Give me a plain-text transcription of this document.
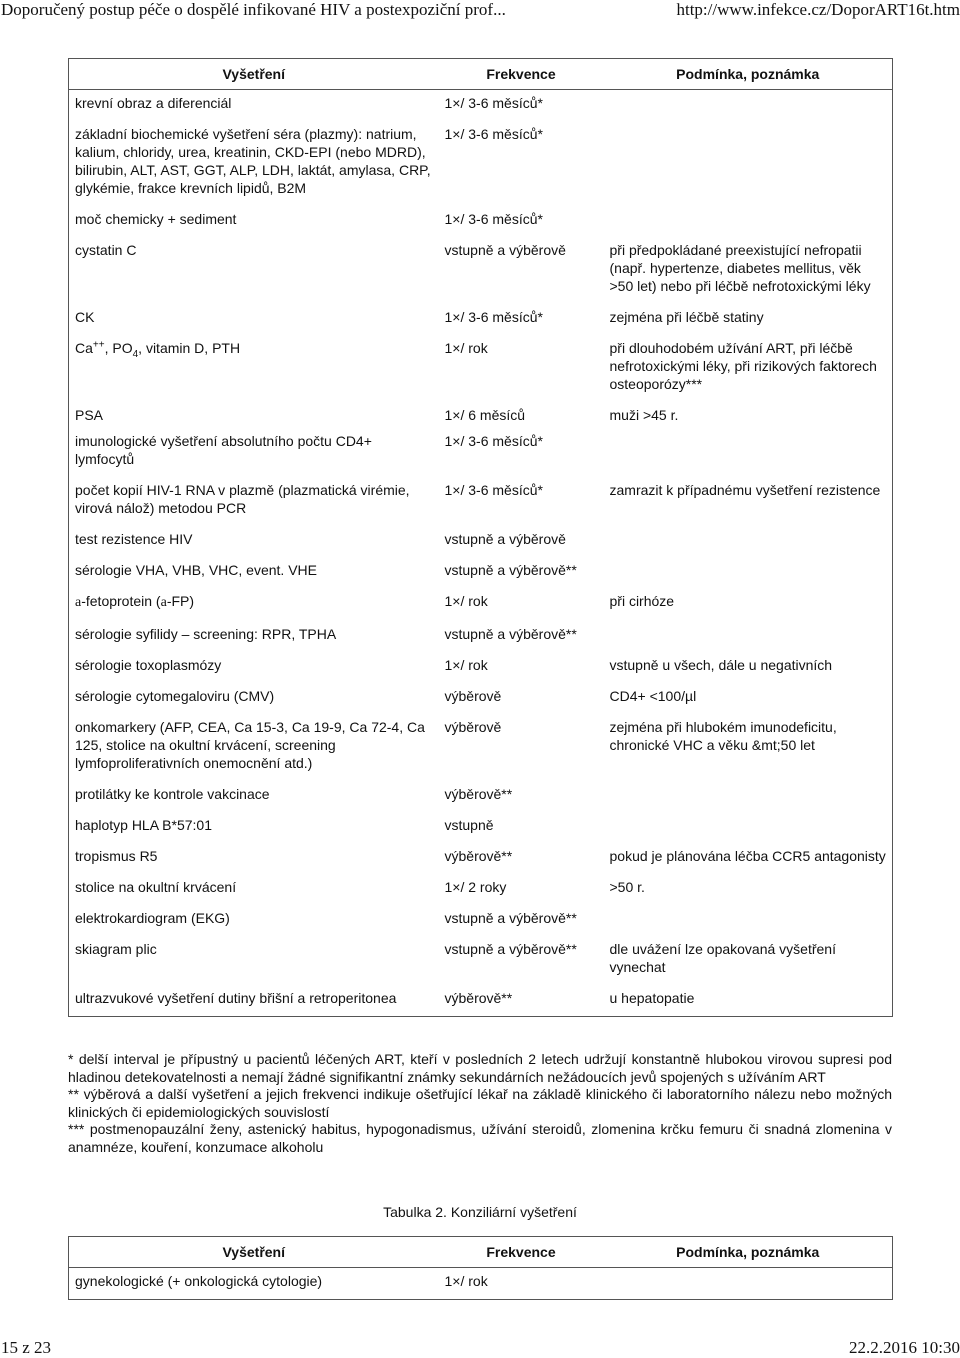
Doporučený postup péče o dospělé infikované HIV a postexpoziční prof...	http://www.infekce.cz/DoporART16t.htm
Vyšetření	Frekvence	Podmínka, poznámka
krevní obraz a diferenciál	1×/ 3-6 měsíců*	
základní biochemické vyšetření séra (plazmy): natrium, kalium, chloridy, urea, kreatinin, CKD-EPI (nebo MDRD), bilirubin, ALT, AST, GGT, ALP, LDH, laktát, amylasa, CRP, glykémie, frakce krevních lipidů, B2M	1×/ 3-6 měsíců*	
moč chemicky + sediment	1×/ 3-6 měsíců*	
cystatin C	vstupně a výběrově	při předpokládané preexistující nefropatii (např. hypertenze, diabetes mellitus, věk >50 let) nebo při léčbě nefrotoxickými léky
CK	1×/ 3-6 měsíců*	zejména při léčbě statiny
Ca++, $PO_4$, vitamin D, PTH	1×/ rok	při dlouhodobém užívání ART, při léčbě nefrotoxickými léky, při rizikových faktorech osteoporózy***
PSA	1×/ 6 měsíců	muži >45 r.
imunologické vyšetření absolutního počtu CD4+ lymfocytů	1×/ 3-6 měsíců*	
počet kopií HIV-1 RNA v plazmě (plazmatická virémie, virová nálož) metodou PCR	1×/ 3-6 měsíců*	zamrazit k případnému vyšetření rezistence
test rezistence HIV	vstupně a výběrově	
sérologie VHA, VHB, VHC, event. VHE	vstupně a výběrově**	
a-fetoprotein (a-FP)	1×/ rok	při cirhóze
sérologie syfilidy – screening: RPR, TPHA	vstupně a výběrově**	
sérologie toxoplasmózy	1×/ rok	vstupně u všech, dále u negativních
sérologie cytomegaloviru (CMV)	výběrově	CD4+ <100/µl
onkomarkery (AFP, CEA, Ca 15-3, Ca 19-9, Ca 72-4, Ca 125, stolice na okultní krvácení, screening lymfoproliferativních onemocnění atd.)	výběrově	zejména při hlubokém imunodeficitu, chronické VHC a věku &mt;50 let
protilátky ke kontrole vakcinace	výběrově**	
haplotyp HLA B*57:01	vstupně	
tropismus R5	výběrově**	pokud je plánována léčba CCR5 antagonisty
stolice na okultní krvácení	1×/ 2 roky	>50 r.
elektrokardiogram (EKG)	vstupně a výběrově**	
skiagram plic	vstupně a výběrově**	dle uvážení lze opakovaná vyšetření vynechat
ultrazvukové vyšetření dutiny břišní a retroperitonea	výběrově**	u hepatopatie
* delší interval je přípustný u pacientů léčených ART, kteří v posledních 2 letech udržují konstantně hlubokou virovou supresi pod hladinou detekovatelnosti a nemají žádné signifikantní známky sekundárních nežádoucích jevů spojených s užíváním ART
** výběrová a další vyšetření a jejich frekvenci indikuje ošetřující lékař na základě klinického či laboratorního nálezu nebo možných klinických či epidemiologických souvislostí
*** postmenopauzální ženy, astenický habitus, hypogonadismus, užívání steroidů, zlomenina krčku femuru či snadná zlomenina v anamnéze, kouření, konzumace alkoholu
Tabulka 2. Konziliární vyšetření
Vyšetření	Frekvence	Podmínka, poznámka
gynekologické (+ onkologická cytologie)	1×/ rok	
15 z 23	22.2.2016 10:30
